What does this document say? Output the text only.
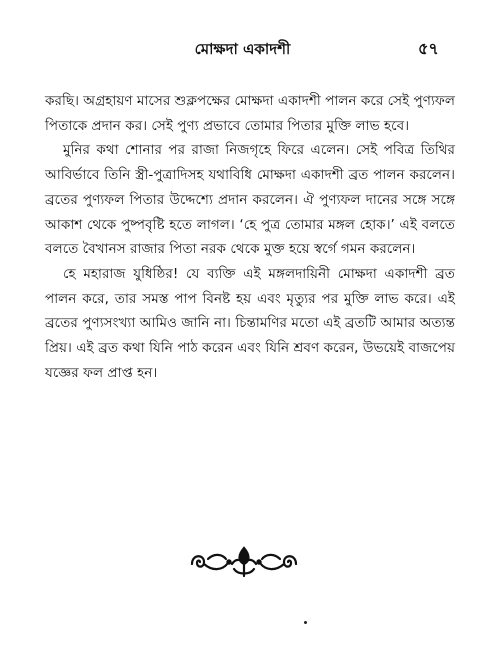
মোক্ষদা একাদশী	৫৭

করছি। অগ্রহায়ণ মাসের শুক্লপক্ষের মোক্ষদা একাদশী পালন করে সেই পুণ্যফল পিতাকে প্রদান কর। সেই পুণ্য প্রভাবে তোমার পিতার মুক্তি লাভ হবে।

মুনির কথা শোনার পর রাজা নিজগৃহে ফিরে এলেন। সেই পবিত্র তিথির আবির্ভাবে তিনি স্ত্রী-পুত্রাদিসহ যথাবিধি মোক্ষদা একাদশী ব্রত পালন করলেন। ব্রতের পুণ্যফল পিতার উদ্দেশ্যে প্রদান করলেন। ঐ পুণ্যফল দানের সঙ্গে সঙ্গে আকাশ থেকে পুষ্পবৃষ্টি হতে লাগল। ‘হে পুত্র তোমার মঙ্গল হোক।’ এই বলতে বলতে বৈখানস রাজার পিতা নরক থেকে মুক্ত হয়ে স্বর্গে গমন করলেন।

হে মহারাজ যুধিষ্ঠির! যে ব্যক্তি এই মঙ্গলদায়িনী মোক্ষদা একাদশী ব্রত পালন করে, তার সমস্ত পাপ বিনষ্ট হয় এবং মৃত্যুর পর মুক্তি লাভ করে। এই ব্রতের পুণ্যসংখ্যা আমিও জানি না। চিন্তামণির মতো এই ব্রতটি আমার অত্যন্ত প্রিয়। এই ব্রত কথা যিনি পাঠ করেন এবং যিনি শ্রবণ করেন, উভয়েই বাজপেয় যজ্ঞের ফল প্রাপ্ত হন।
